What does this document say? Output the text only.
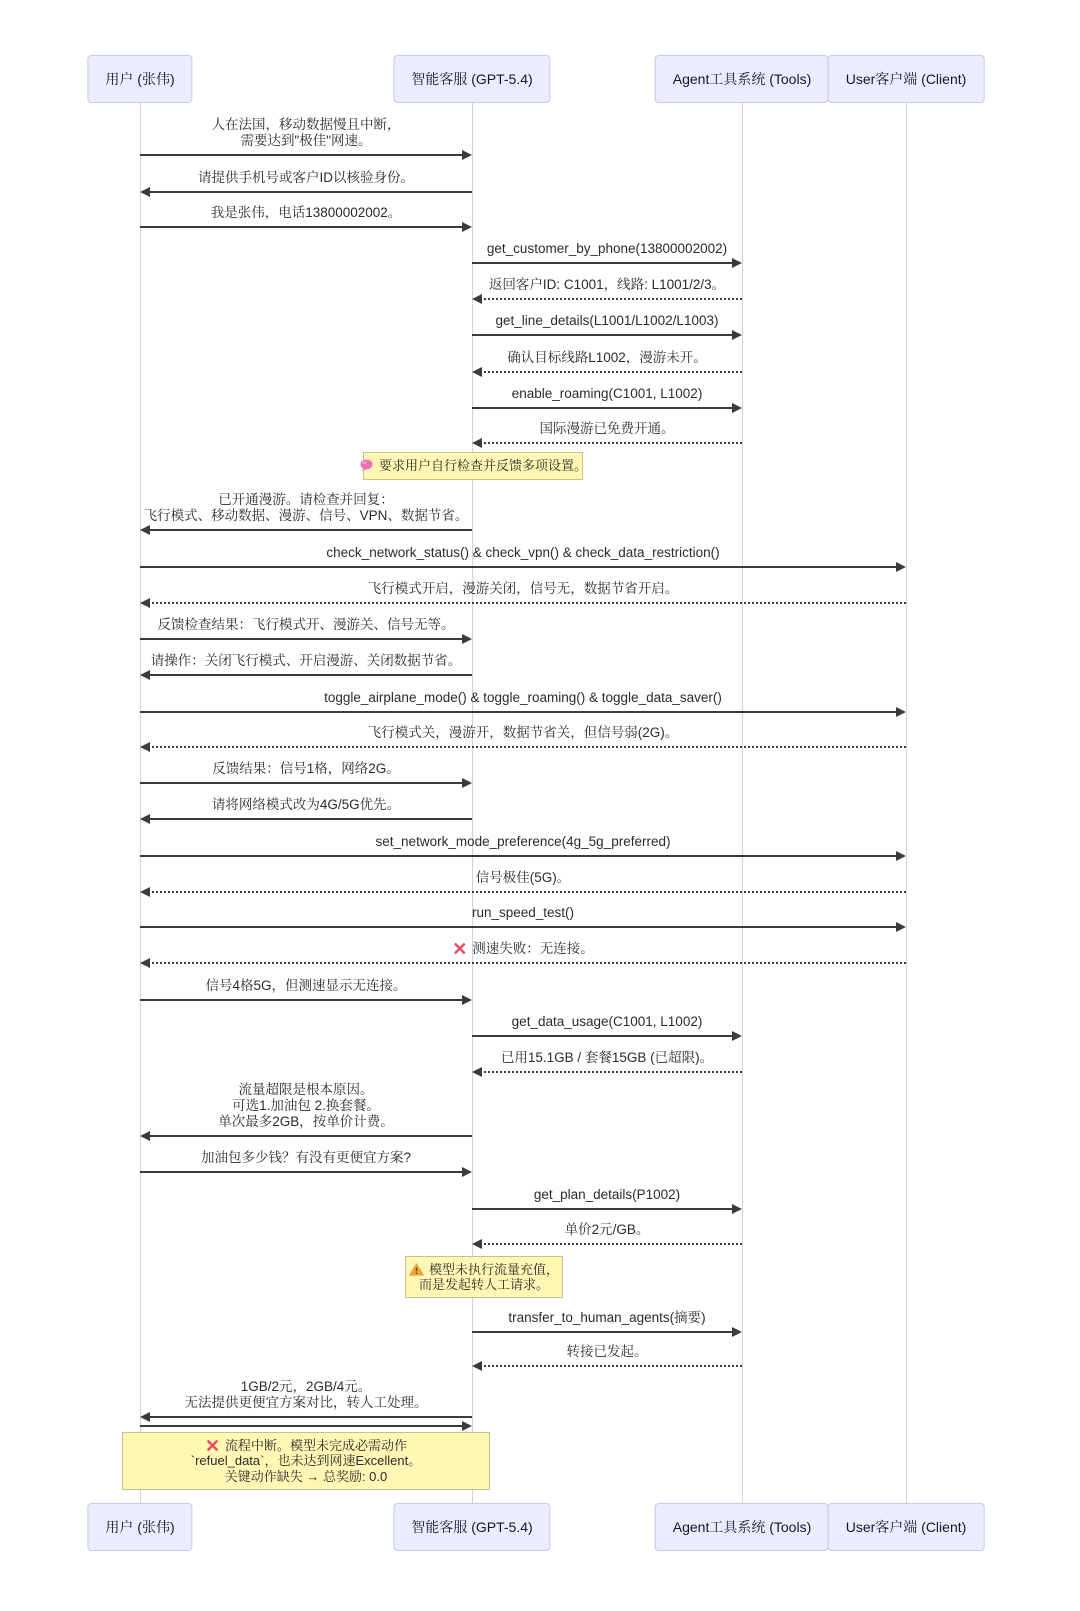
用户 (张伟)
用户 (张伟)
智能客服 (GPT-5.4)
智能客服 (GPT-5.4)
Agent工具系统 (Tools)
Agent工具系统 (Tools)
User客户端 (Client)
User客户端 (Client)
人在法国，移动数据慢且中断，
需要达到"极佳"网速。
请提供手机号或客户ID以核验身份。
我是张伟，电话13800002002。
get_customer_by_phone(13800002002)
返回客户ID: C1001，线路: L1001/2/3。
get_line_details(L1001/L1002/L1003)
确认目标线路L1002，漫游未开。
enable_roaming(C1001, L1002)
国际漫游已免费开通。
要求用户自行检查并反馈多项设置。
已开通漫游。请检查并回复：
飞行模式、移动数据、漫游、信号、VPN、数据节省。
check_network_status() & check_vpn() & check_data_restriction()
飞行模式开启，漫游关闭，信号无，数据节省开启。
反馈检查结果：飞行模式开、漫游关、信号无等。
请操作：关闭飞行模式、开启漫游、关闭数据节省。
toggle_airplane_mode() & toggle_roaming() & toggle_data_saver()
飞行模式关，漫游开，数据节省关，但信号弱(2G)。
反馈结果：信号1格，网络2G。
请将网络模式改为4G/5G优先。
set_network_mode_preference(4g_5g_preferred)
信号极佳(5G)。
run_speed_test()
测速失败：无连接。
信号4格5G，但测速显示无连接。
get_data_usage(C1001, L1002)
已用15.1GB / 套餐15GB (已超限)。
流量超限是根本原因。
可选1.加油包 2.换套餐。
单次最多2GB，按单价计费。
加油包多少钱？有没有更便宜方案?
get_plan_details(P1002)
单价2元/GB。
模型未执行流量充值，
而是发起转人工请求。
transfer_to_human_agents(摘要)
转接已发起。
1GB/2元，2GB/4元。
无法提供更便宜方案对比，转人工处理。
流程中断。模型未完成必需动作
`refuel_data`，也未达到网速Excellent。
关键动作缺失 → 总奖励: 0.0
